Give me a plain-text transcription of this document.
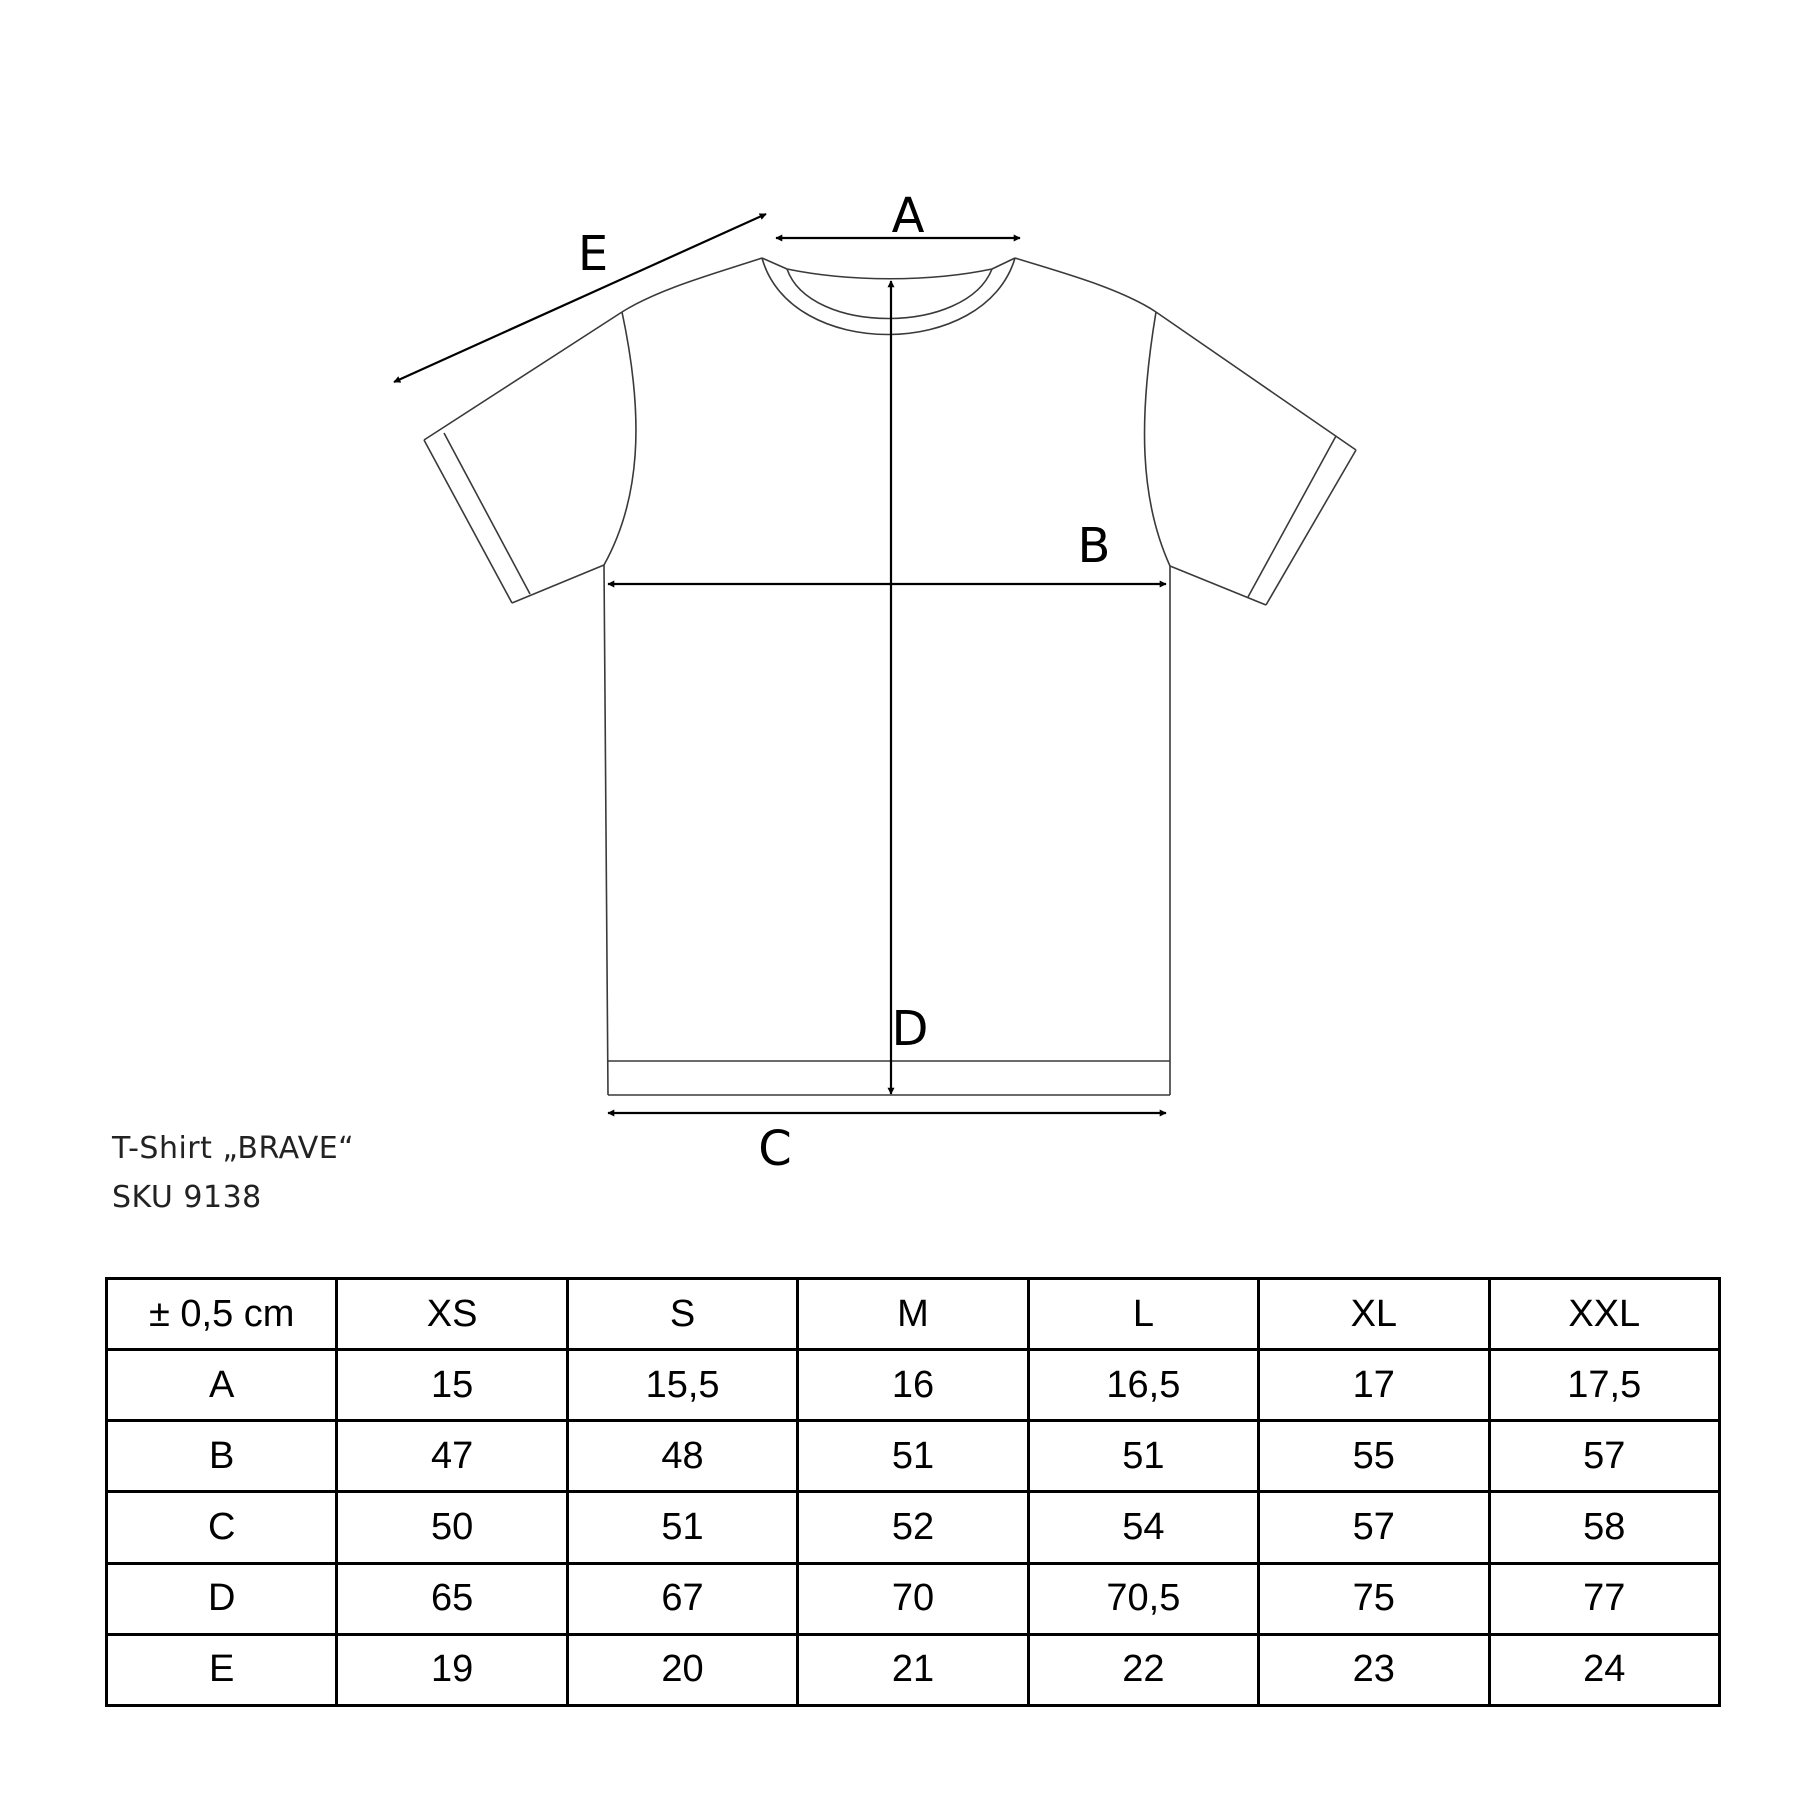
A
B
C
D
E
T-Shirt „BRAVE“
SKU 9138
± 0,5 cm	XS	S	M	L	XL	XXL
A	15	15,5	16	16,5	17	17,5
B	47	48	51	51	55	57
C	50	51	52	54	57	58
D	65	67	70	70,5	75	77
E	19	20	21	22	23	24
